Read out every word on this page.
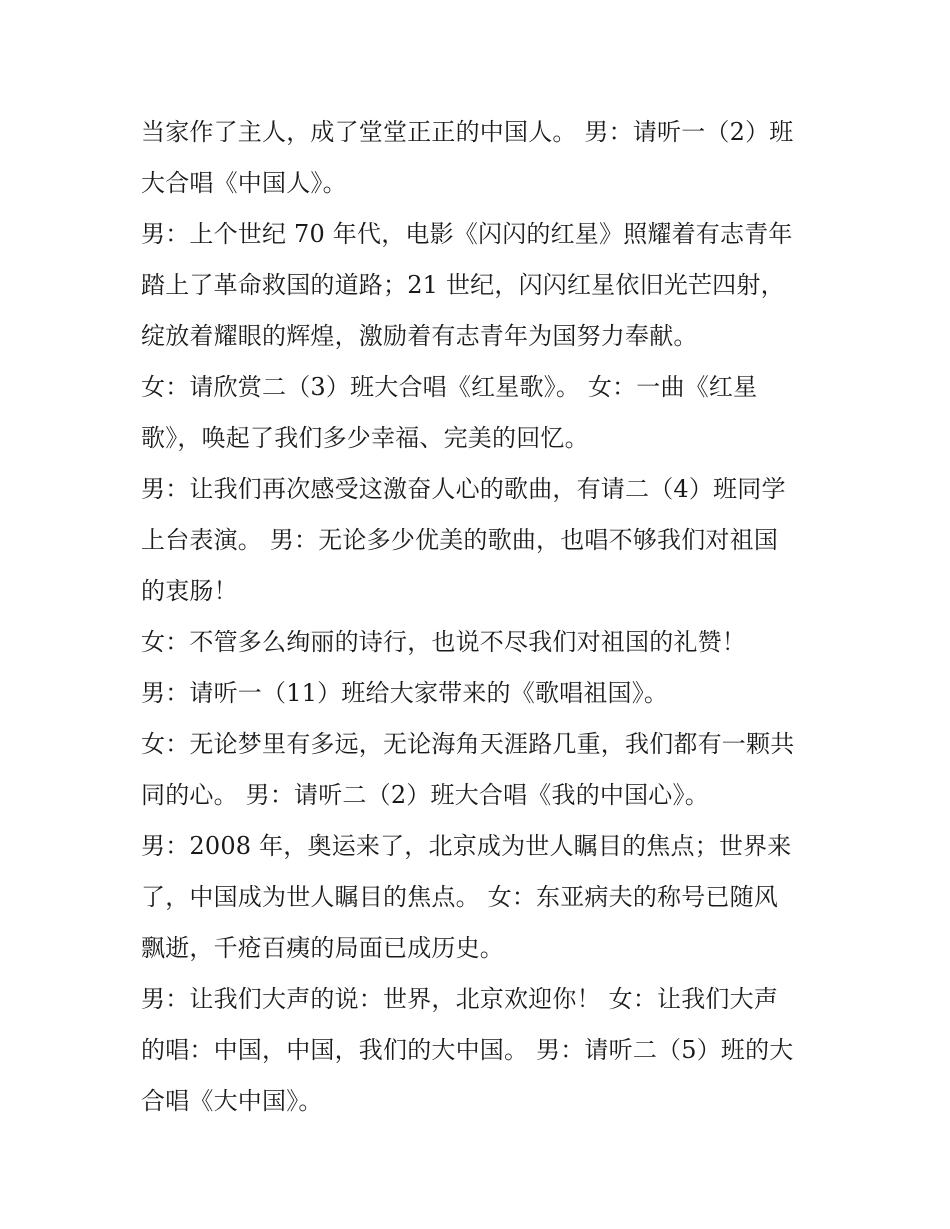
当家作了主人，成了堂堂正正的中国人。 男：请听一（2）班
大合唱《中国人》。
男：上个世纪 70 年代，电影《闪闪的红星》照耀着有志青年
踏上了革命救国的道路；21 世纪，闪闪红星依旧光芒四射，
绽放着耀眼的辉煌，激励着有志青年为国努力奉献。
女：请欣赏二（3）班大合唱《红星歌》。 女：一曲《红星
歌》，唤起了我们多少幸福、完美的回忆。
男：让我们再次感受这激奋人心的歌曲，有请二（4）班同学
上台表演。 男：无论多少优美的歌曲，也唱不够我们对祖国
的衷肠！
女：不管多么绚丽的诗行，也说不尽我们对祖国的礼赞！
男：请听一（11）班给大家带来的《歌唱祖国》。
女：无论梦里有多远，无论海角天涯路几重，我们都有一颗共
同的心。 男：请听二（2）班大合唱《我的中国心》。
男：2008 年，奥运来了，北京成为世人瞩目的焦点；世界来
了，中国成为世人瞩目的焦点。 女：东亚病夫的称号已随风
飘逝，千疮百痍的局面已成历史。
男：让我们大声的说：世界，北京欢迎你！ 女：让我们大声
的唱：中国，中国，我们的大中国。 男：请听二（5）班的大
合唱《大中国》。
